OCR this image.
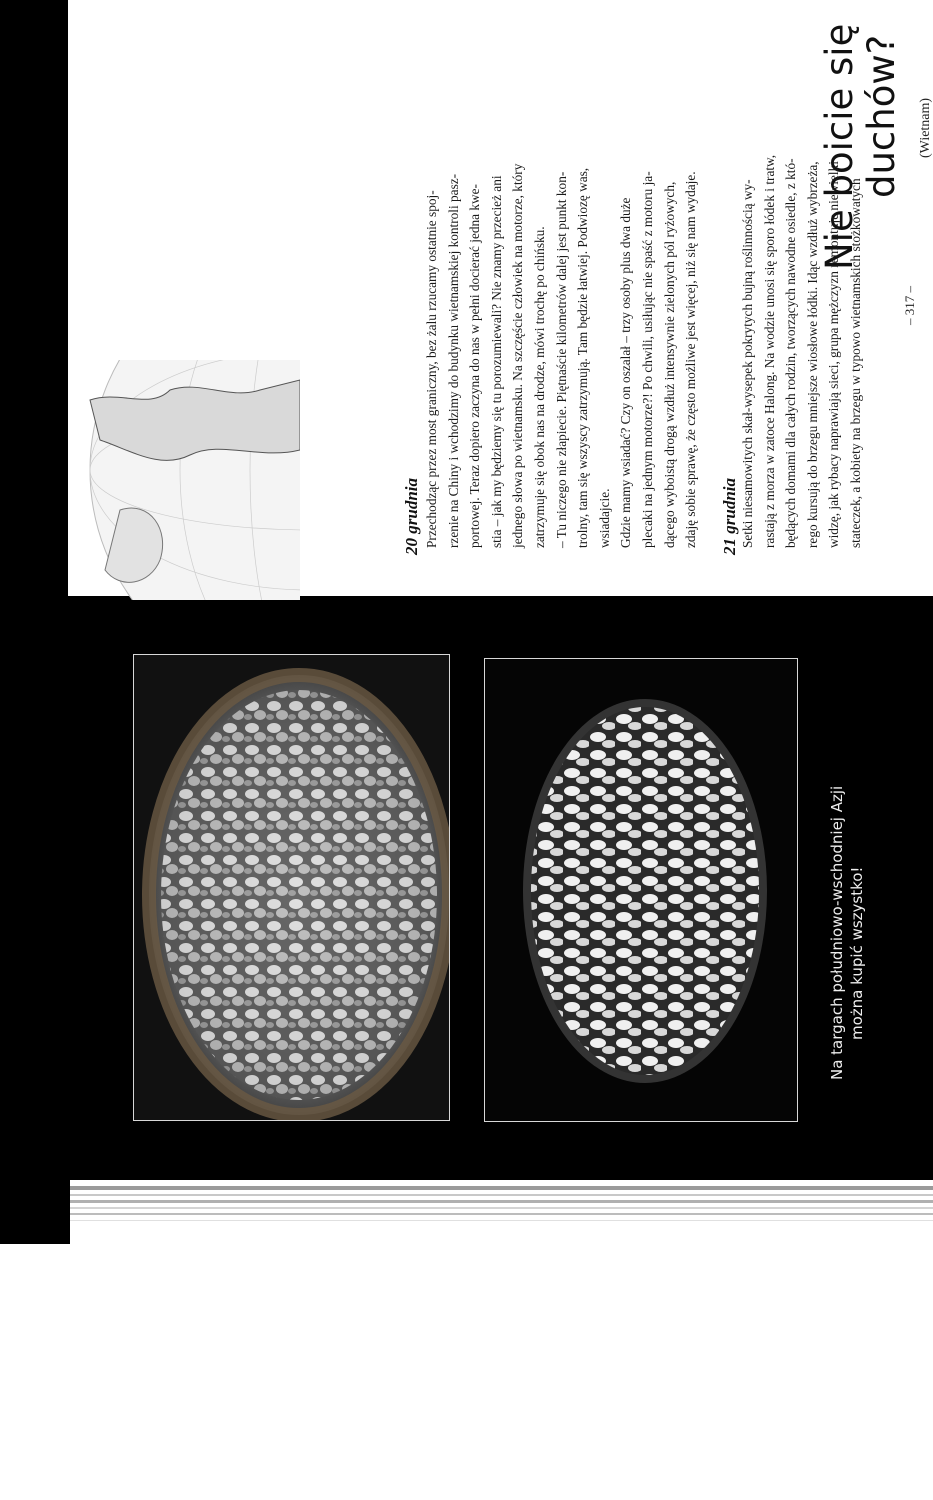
Na targach południowo-wschodniej Azji można kupić wszystko!
Nie boicie się duchów? (Wietnam)
20 grudnia Przechodząc przez most graniczny, bez żalu rzucamy ostatnie spoj- rzenie na Chiny i wchodzimy do budynku wietnamskiej kontroli pasz- portowej. Teraz dopiero zaczyna do nas w pełni docierać jedna kwe- stia – jak my będziemy się tu porozumiewali? Nie znamy przecież ani jednego słowa po wietnamsku. Na szczęście człowiek na motorze, który zatrzymuje się obok nas na drodze, mówi trochę po chińsku. – Tu niczego nie złapiecie. Piętnaście kilometrów dalej jest punkt kon- trolny, tam się wszyscy zatrzymują. Tam będzie łatwiej. Podwiozę was, wsiadajcie. Gdzie mamy wsiadać? Czy on oszalał – trzy osoby plus dwa duże plecaki na jednym motorze?! Po chwili, usiłując nie spaść z motoru ja- dącego wyboistą drogą wzdłuż intensywnie zielonych pól ryżowych, zdaję sobie sprawę, że często możliwe jest więcej, niż się nam wydaje. 21 grudnia Setki niesamowitych skał-wysepek pokrytych bujną roślinnością wy- rastają z morza w zatoce Halong. Na wodzie unosi się sporo łódek i tratw, będących domami dla całych rodzin, tworzących nawodne osiedle, z któ- rego kursują do brzegu mniejsze wiosłowe łódki. Idąc wzdłuż wybrzeża, widzę, jak rybacy naprawiają sieci, grupa mężczyzn remontuje niewielki stateczek, a kobiety na brzegu w typowo wietnamskich stożkowatych	– 317 –
